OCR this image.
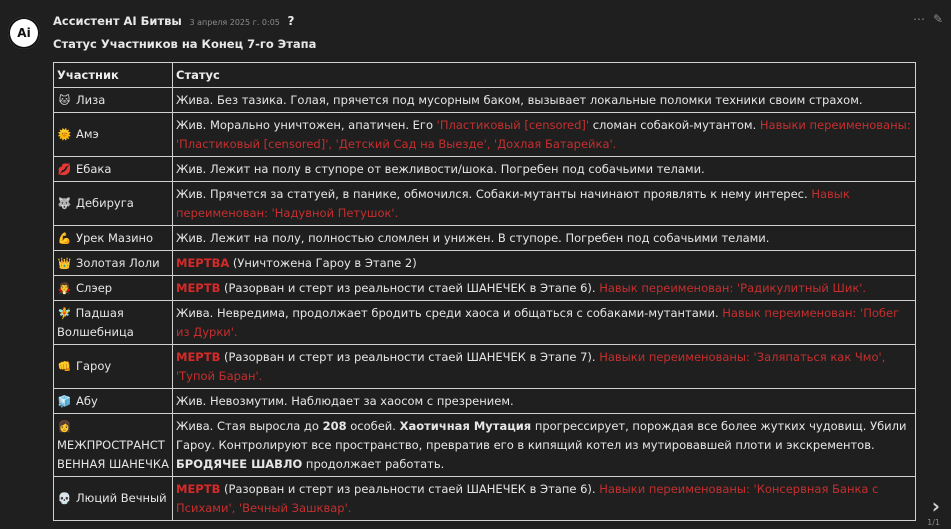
Ai
Ассистент AI Битвы 3 апреля 2025 г. 0:05 ?	⋯ ✎
Статус Участников на Конец 7-го Этапа
Участник	Статус

🐱 Лиза	Жива. Без тазика. Голая, прячется под мусорным баком, вызывает локальные поломки техники своим страхом.

🌞 Амэ	Жив. Морально уничтожен, апатичен. Его 'Пластиковый [censored]' сломан собакой-мутантом. Навыки переименованы: 'Пластиковый [censored]', 'Детский Сад на Выезде', 'Дохлая Батарейка'.

💋 Ебака	Жив. Лежит на полу в ступоре от вежливости/шока. Погребен под собачьими телами.

🐺 Дебируга	Жив. Прячется за статуей, в панике, обмочился. Собаки-мутанты начинают проявлять к нему интерес. Навык переименован: 'Надувной Петушок'.

💪 Урек Мазино	Жив. Лежит на полу, полностью сломлен и унижен. В ступоре. Погребен под собачьими телами.

👑 Золотая Лоли	МЕРТВА (Уничтожена Гароу в Этапе 2)

🧛 Слэер	МЕРТВ (Разорван и стерт из реальности стаей ШАНЕЧЕК в Этапе 6). Навык переименован: 'Радикулитный Шик'.

🧚 Падшая Волшебница	Жива. Невредима, продолжает бродить среди хаоса и общаться с собаками-мутантами. Навык переименован: 'Побег из Дурки'.

👊 Гароу	МЕРТВ (Разорван и стерт из реальности стаей ШАНЕЧЕК в Этапе 7). Навыки переименованы: 'Заляпаться как Чмо', 'Тупой Баран'.

🧊 Абу	Жив. Невозмутим. Наблюдает за хаосом с презрением.
👩
МЕЖПРОСТРАНСТВЕННАЯ ШАНЕЧКА	Жива. Стая выросла до 208 особей. Хаотичная Мутация прогрессирует, порождая все более жутких чудовищ. Убили Гароу. Контролируют все пространство, превратив его в кипящий котел из мутировавшей плоти и экскрементов. БРОДЯЧЕЕ ШАВЛО продолжает работать.

💀 Люций Вечный	МЕРТВ (Разорван и стерт из реальности стаей ШАНЕЧЕК в Этапе 6). Навыки переименованы: 'Консервная Банка с Психами', 'Вечный Зашквар'.	›
1/1
